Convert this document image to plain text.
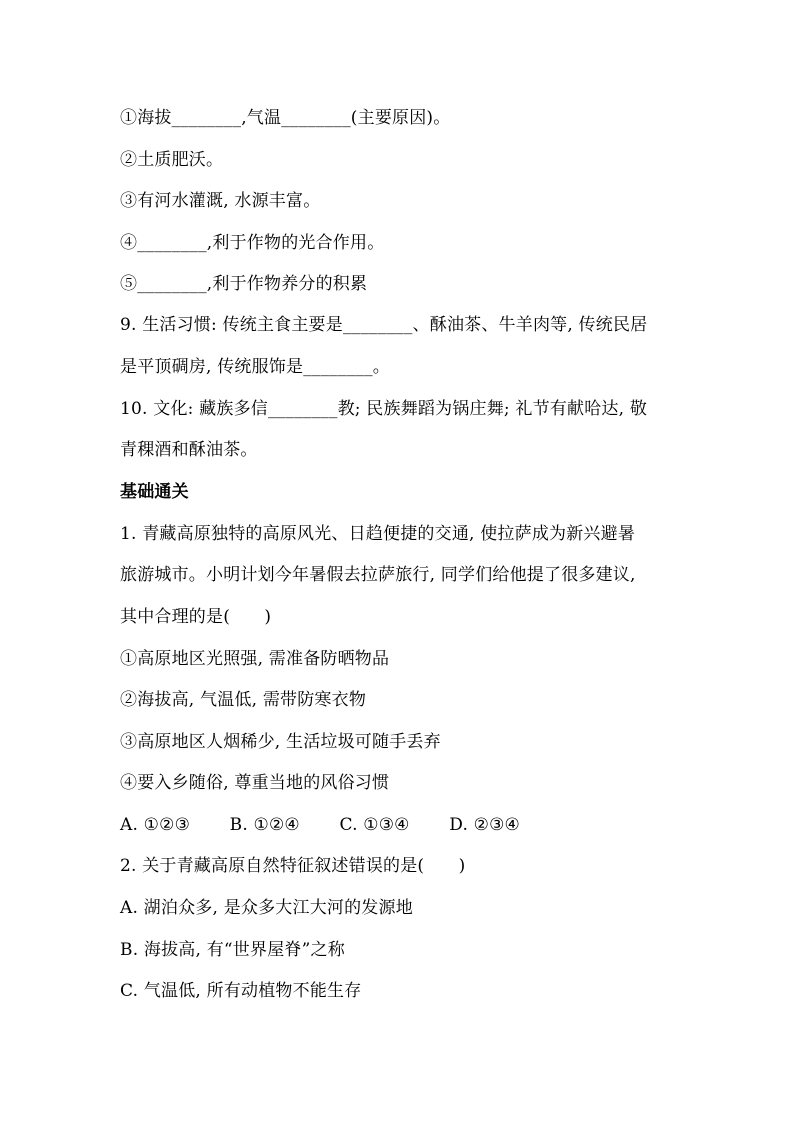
①海拔________,气温________(主要原因)。
②土质肥沃。
③有河水灌溉, 水源丰富。
④________,利于作物的光合作用。
⑤________,利于作物养分的积累
9. 生活习惯: 传统主食主要是________、酥油茶、牛羊肉等, 传统民居
是平顶碉房, 传统服饰是________。
10. 文化: 藏族多信________教; 民族舞蹈为锅庄舞; 礼节有献哈达, 敬
青稞酒和酥油茶。
基础通关
1. 青藏高原独特的高原风光、日趋便捷的交通, 使拉萨成为新兴避暑
旅游城市。小明计划今年暑假去拉萨旅行, 同学们给他提了很多建议,
其中合理的是(　　)
①高原地区光照强, 需准备防晒物品
②海拔高, 气温低, 需带防寒衣物
③高原地区人烟稀少, 生活垃圾可随手丢弃
④要入乡随俗, 尊重当地的风俗习惯
A. ①②③ B. ①②④ C. ①③④ D. ②③④
2. 关于青藏高原自然特征叙述错误的是(　　)
A. 湖泊众多, 是众多大江大河的发源地
B. 海拔高, 有“世界屋脊”之称
C. 气温低, 所有动植物不能生存
